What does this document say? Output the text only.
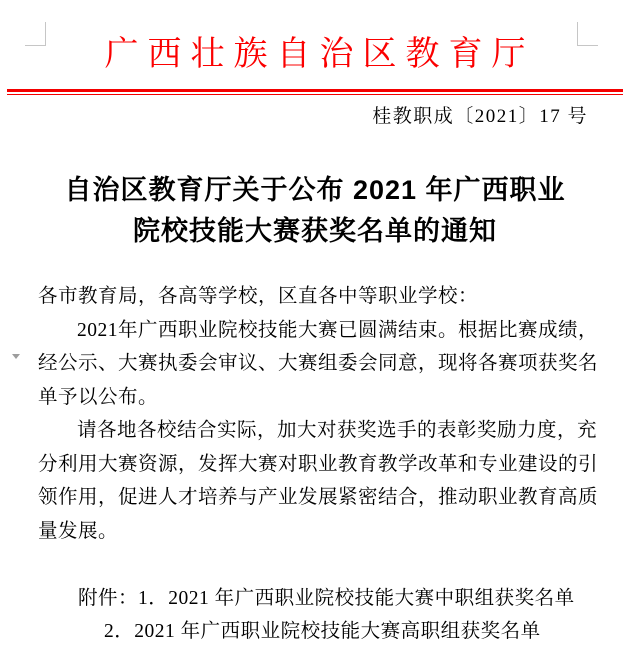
广西壮族自治区教育厅
桂教职成〔2021〕17 号
自治区教育厅关于公布 2021 年广西职业
院校技能大赛获奖名单的通知
各市教育局，各高等学校，区直各中等职业学校：
2021年广西职业院校技能大赛已圆满结束。根据比赛成绩，
经公示、大赛执委会审议、大赛组委会同意，现将各赛项获奖名
单予以公布。
请各地各校结合实际，加大对获奖选手的表彰奖励力度，充
分利用大赛资源，发挥大赛对职业教育教学改革和专业建设的引
领作用，促进人才培养与产业发展紧密结合，推动职业教育高质
量发展。
附件：1．2021 年广西职业院校技能大赛中职组获奖名单
2．2021 年广西职业院校技能大赛高职组获奖名单
